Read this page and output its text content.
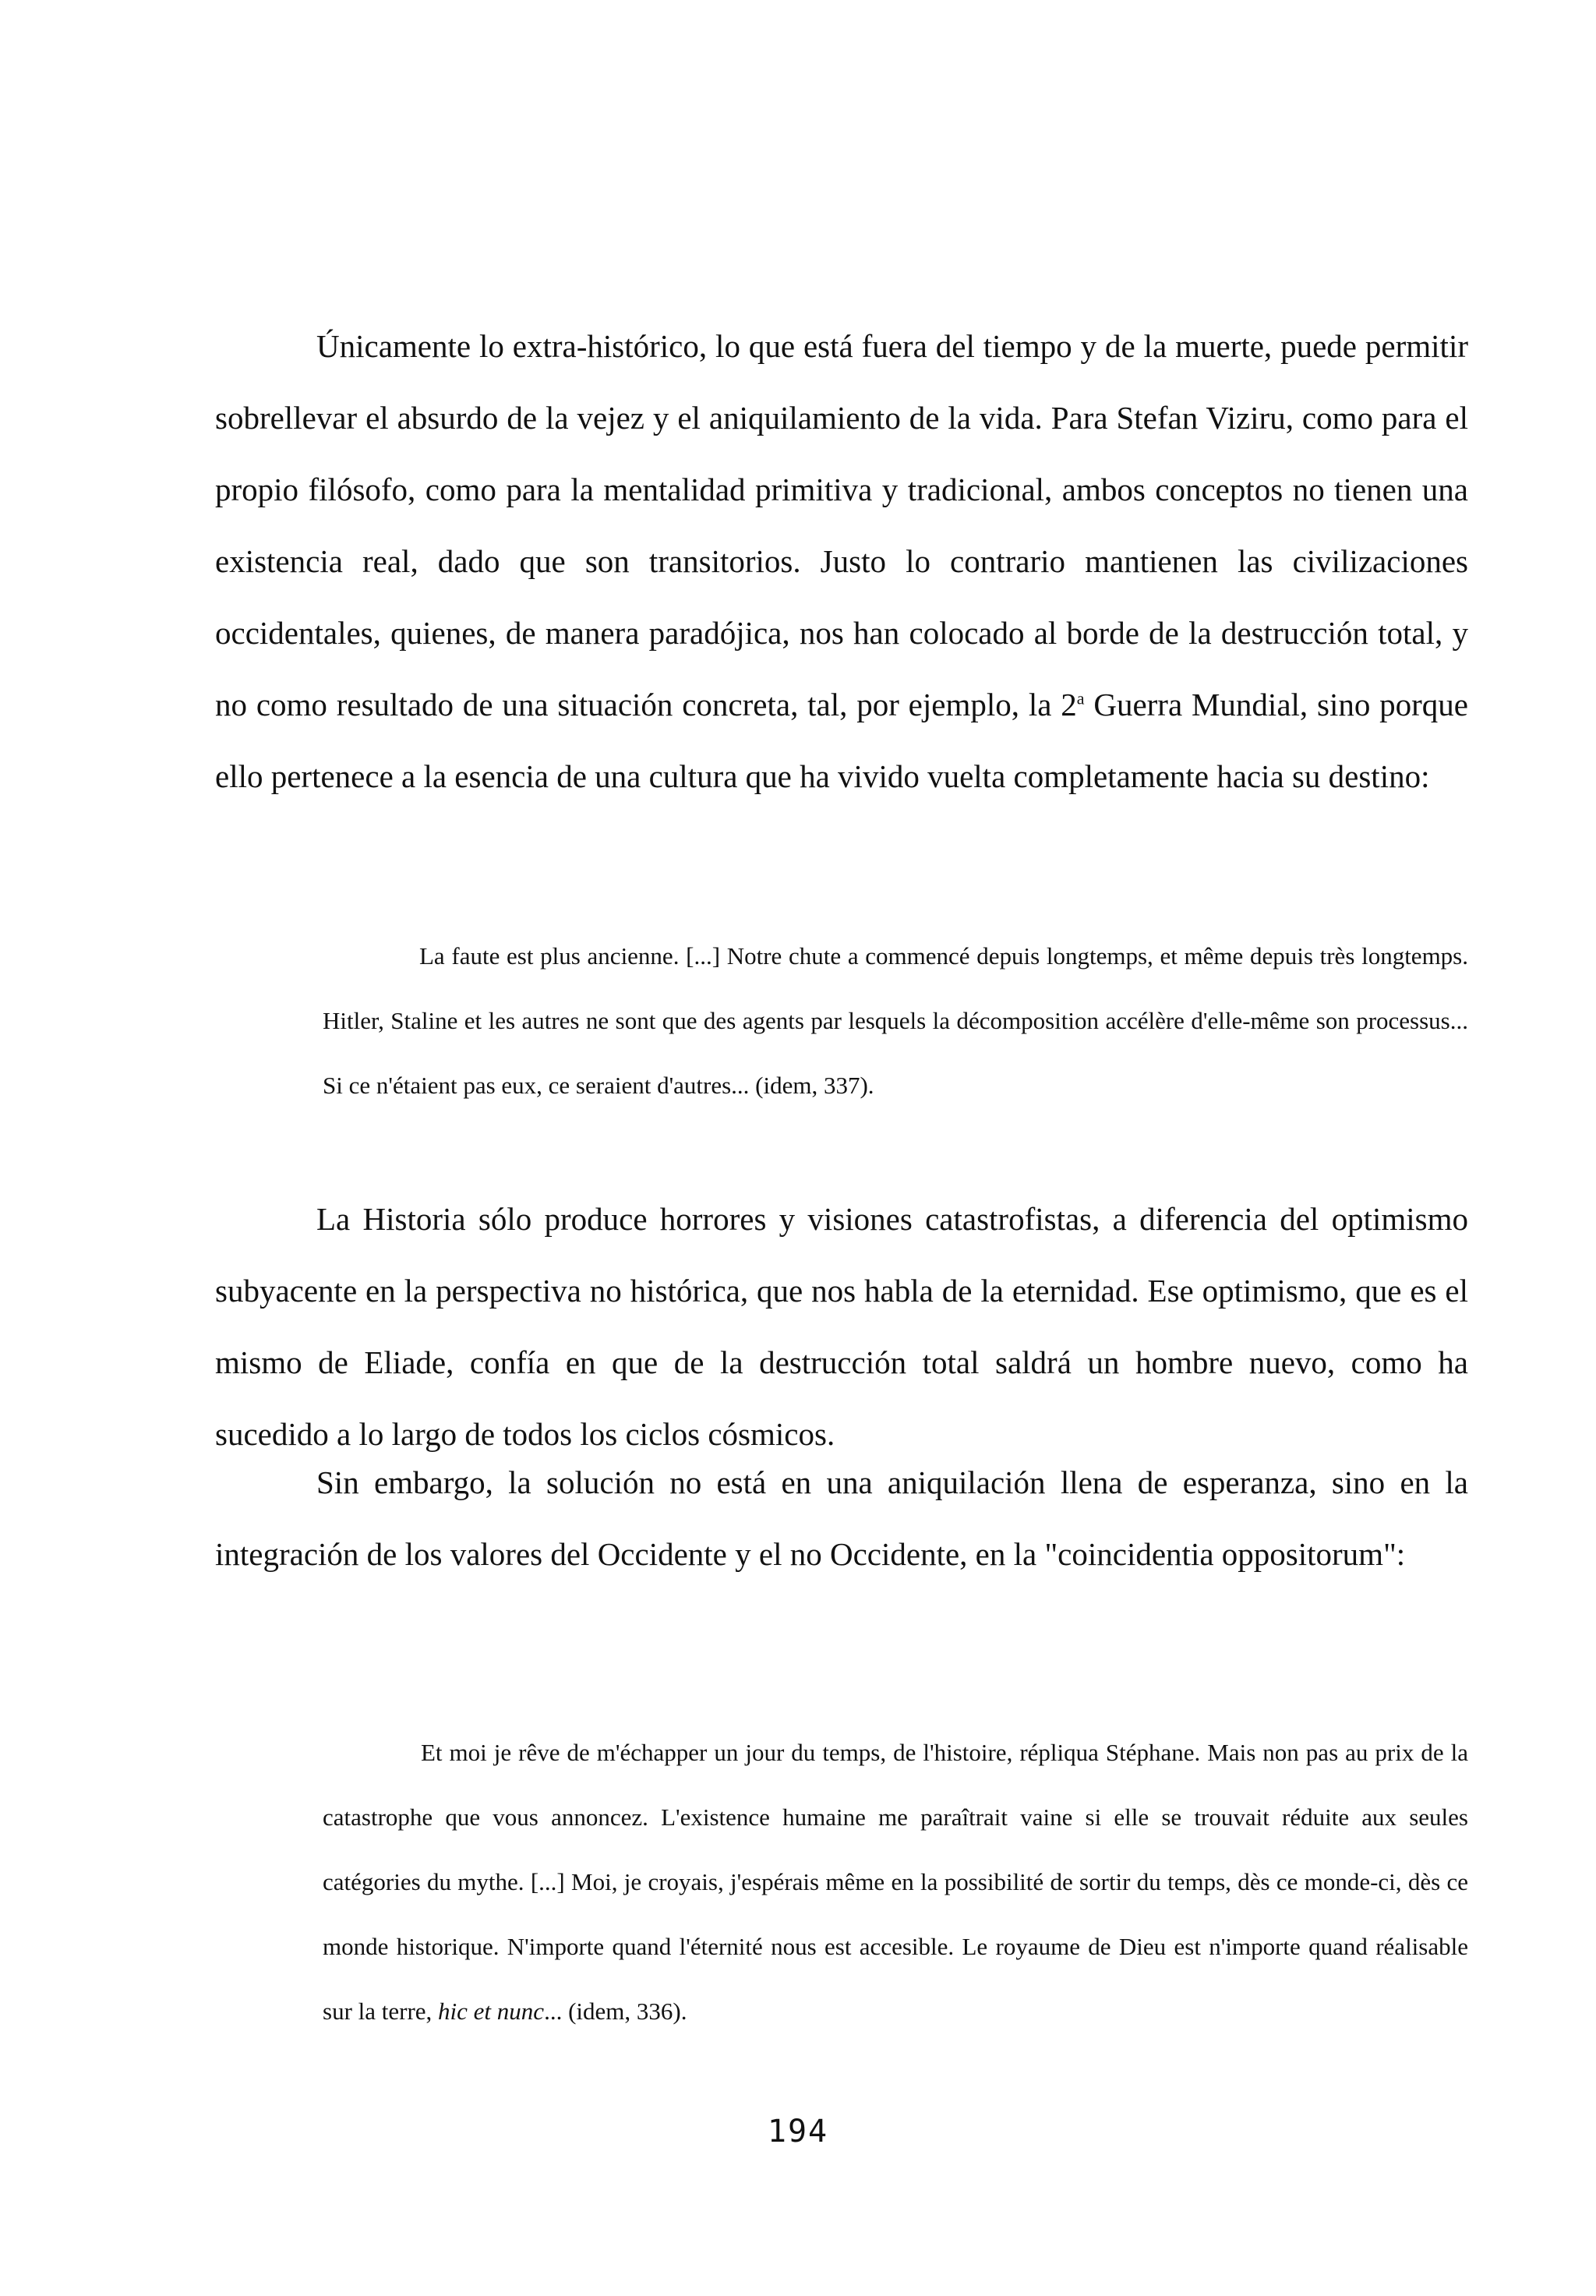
Únicamente lo extra-histórico, lo que está fuera del tiempo y de la muerte, puede permitir sobrellevar el absurdo de la vejez y el aniquilamiento de la vida. Para Stefan Viziru, como para el propio filósofo, como para la mentalidad primitiva y tradicional, ambos conceptos no tienen una existencia real, dado que son transitorios. Justo lo contrario mantienen las civilizaciones occidentales, quienes, de manera paradójica, nos han colocado al borde de la destrucción total, y no como resultado de una situación concreta, tal, por ejemplo, la 2$^a$ Guerra Mundial, sino porque ello pertenece a la esencia de una cultura que ha vivido vuelta completamente hacia su destino:

La faute est plus ancienne. [...] Notre chute a commencé depuis longtemps, et même depuis très longtemps. Hitler, Staline et les autres ne sont que des agents par lesquels la décomposition accélère d'elle-même son processus... Si ce n'étaient pas eux, ce seraient d'autres... (idem, 337).

La Historia sólo produce horrores y visiones catastrofistas, a diferencia del optimismo subyacente en la perspectiva no histórica, que nos habla de la eternidad. Ese optimismo, que es el mismo de Eliade, confía en que de la destrucción total saldrá un hombre nuevo, como ha sucedido a lo largo de todos los ciclos cósmicos.

Sin embargo, la solución no está en una aniquilación llena de esperanza, sino en la integración de los valores del Occidente y el no Occidente, en la "coincidentia oppositorum":

Et moi je rêve de m'échapper un jour du temps, de l'histoire, répliqua Stéphane. Mais non pas au prix de la catastrophe que vous annoncez. L'existence humaine me paraîtrait vaine si elle se trouvait réduite aux seules catégories du mythe. [...] Moi, je croyais, j'espérais même en la possibilité de sortir du temps, dès ce monde-ci, dès ce monde historique. N'importe quand l'éternité nous est accesible. Le royaume de Dieu est n'importe quand réalisable sur la terre, hic et nunc... (idem, 336).

194
